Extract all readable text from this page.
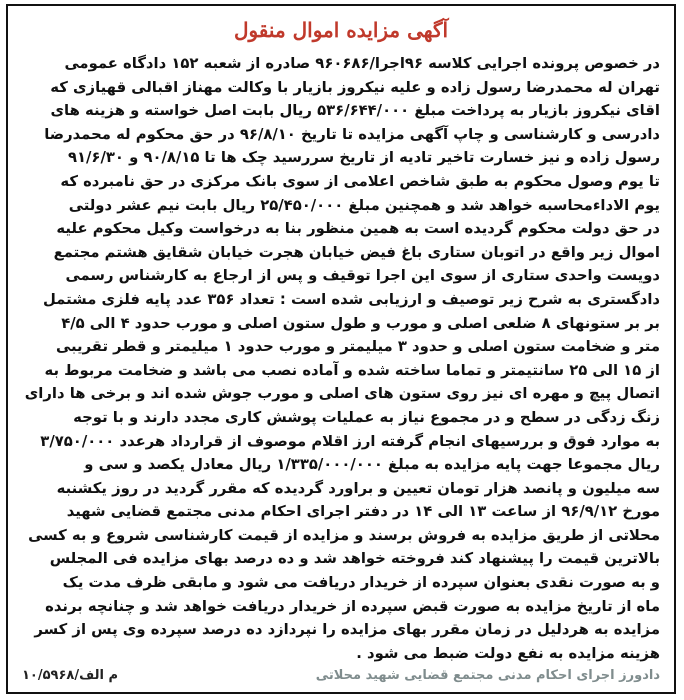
آگهی مزایده اموال منقول
در خصوص پرونده اجرایی کلاسه ۹۶اجرا/۹۶۰۶۸۶ صادره از شعبه ۱۵۲ دادگاه عمومی
تهران له محمدرضا رسول زاده و علیه نیکروز بازیار با وکالت مهناز اقبالی قهیازی که
اقای نیکروز بازیار به پرداخت مبلغ ۵۳۶/۶۴۴/۰۰۰ ریال بابت اصل خواسته و هزینه های
دادرسی و کارشناسی و چاپ آگهی مزایده تا تاریخ ۹۶/۸/۱۰ در حق محکوم له محمدرضا
رسول زاده و نیز خسارت تاخیر تادیه از تاریخ سررسید چک ها تا ۹۰/۸/۱۵ و ۹۱/۶/۳۰
تا یوم وصول محکوم به طبق شاخص اعلامی از سوی بانک مرکزی در حق نامبرده که
یوم الاداءمحاسبه خواهد شد و همچنین مبلغ ۲۵/۴۵۰/۰۰۰ ریال بابت نیم عشر دولتی
در حق دولت محکوم گردیده است به همین منظور بنا به درخواست وکیل محکوم علیه
اموال زیر واقع در اتوبان ستاری باغ فیض خیابان هجرت خیابان شقایق هشتم مجتمع
دویست واحدی ستاری از سوی این اجرا توقیف و پس از ارجاع به کارشناس رسمی
دادگستری به شرح زیر توصیف و ارزیابی شده است : تعداد ۳۵۶ عدد پایه فلزی مشتمل
بر بر ستونهای ۸ ضلعی اصلی و مورب و طول ستون اصلی و مورب حدود ۴ الی ۴/۵
متر و ضخامت ستون اصلی و حدود ۳ میلیمتر و مورب حدود ۱ میلیمتر و قطر تقریبی
از ۱۵ الی ۲۵ سانتیمتر و تماما ساخته شده و آماده نصب می باشد و ضخامت مربوط به
اتصال پیچ و مهره ای نیز روی ستون های اصلی و مورب جوش شده اند و برخی ها دارای
زنگ زدگی در سطح و در مجموع نیاز به عملیات پوشش کاری مجدد دارند و با توجه
به موارد فوق و بررسیهای انجام گرفته ارز اقلام موصوف از قرارداد هرعدد ۳/۷۵۰/۰۰۰
ریال مجموعا جهت پایه مزایده به مبلغ ۱/۳۳۵/۰۰۰/۰۰۰ ریال معادل یکصد و سی و
سه میلیون و پانصد هزار تومان تعیین و براورد گردیده که مقرر گردید در روز یکشنبه
مورخ ۹۶/۹/۱۲ از ساعت ۱۳ الی ۱۴ در دفتر اجرای احکام مدنی مجتمع قضایی شهید
محلاتی از طریق مزایده به فروش برسند و مزایده از قیمت کارشناسی شروع و به کسی
بالاترین قیمت را پیشنهاد کند فروخته خواهد شد و ده درصد بهای مزایده فی المجلس
و به صورت نقدی بعنوان سپرده از خریدار دریافت می شود و مابقی ظرف مدت یک
ماه از تاریخ مزایده به صورت قبض سپرده از خریدار دریافت خواهد شد و چنانچه برنده
مزایده به هردلیل در زمان مقرر بهای مزایده را نپردازد ده درصد سپرده وی پس از کسر
هزینه مزایده به نفع دولت ضبط می شود .
دادورز اجرای احکام مدنی مجتمع قضایی شهید محلاتی
م الف/۱۰/۵۹۶۸
